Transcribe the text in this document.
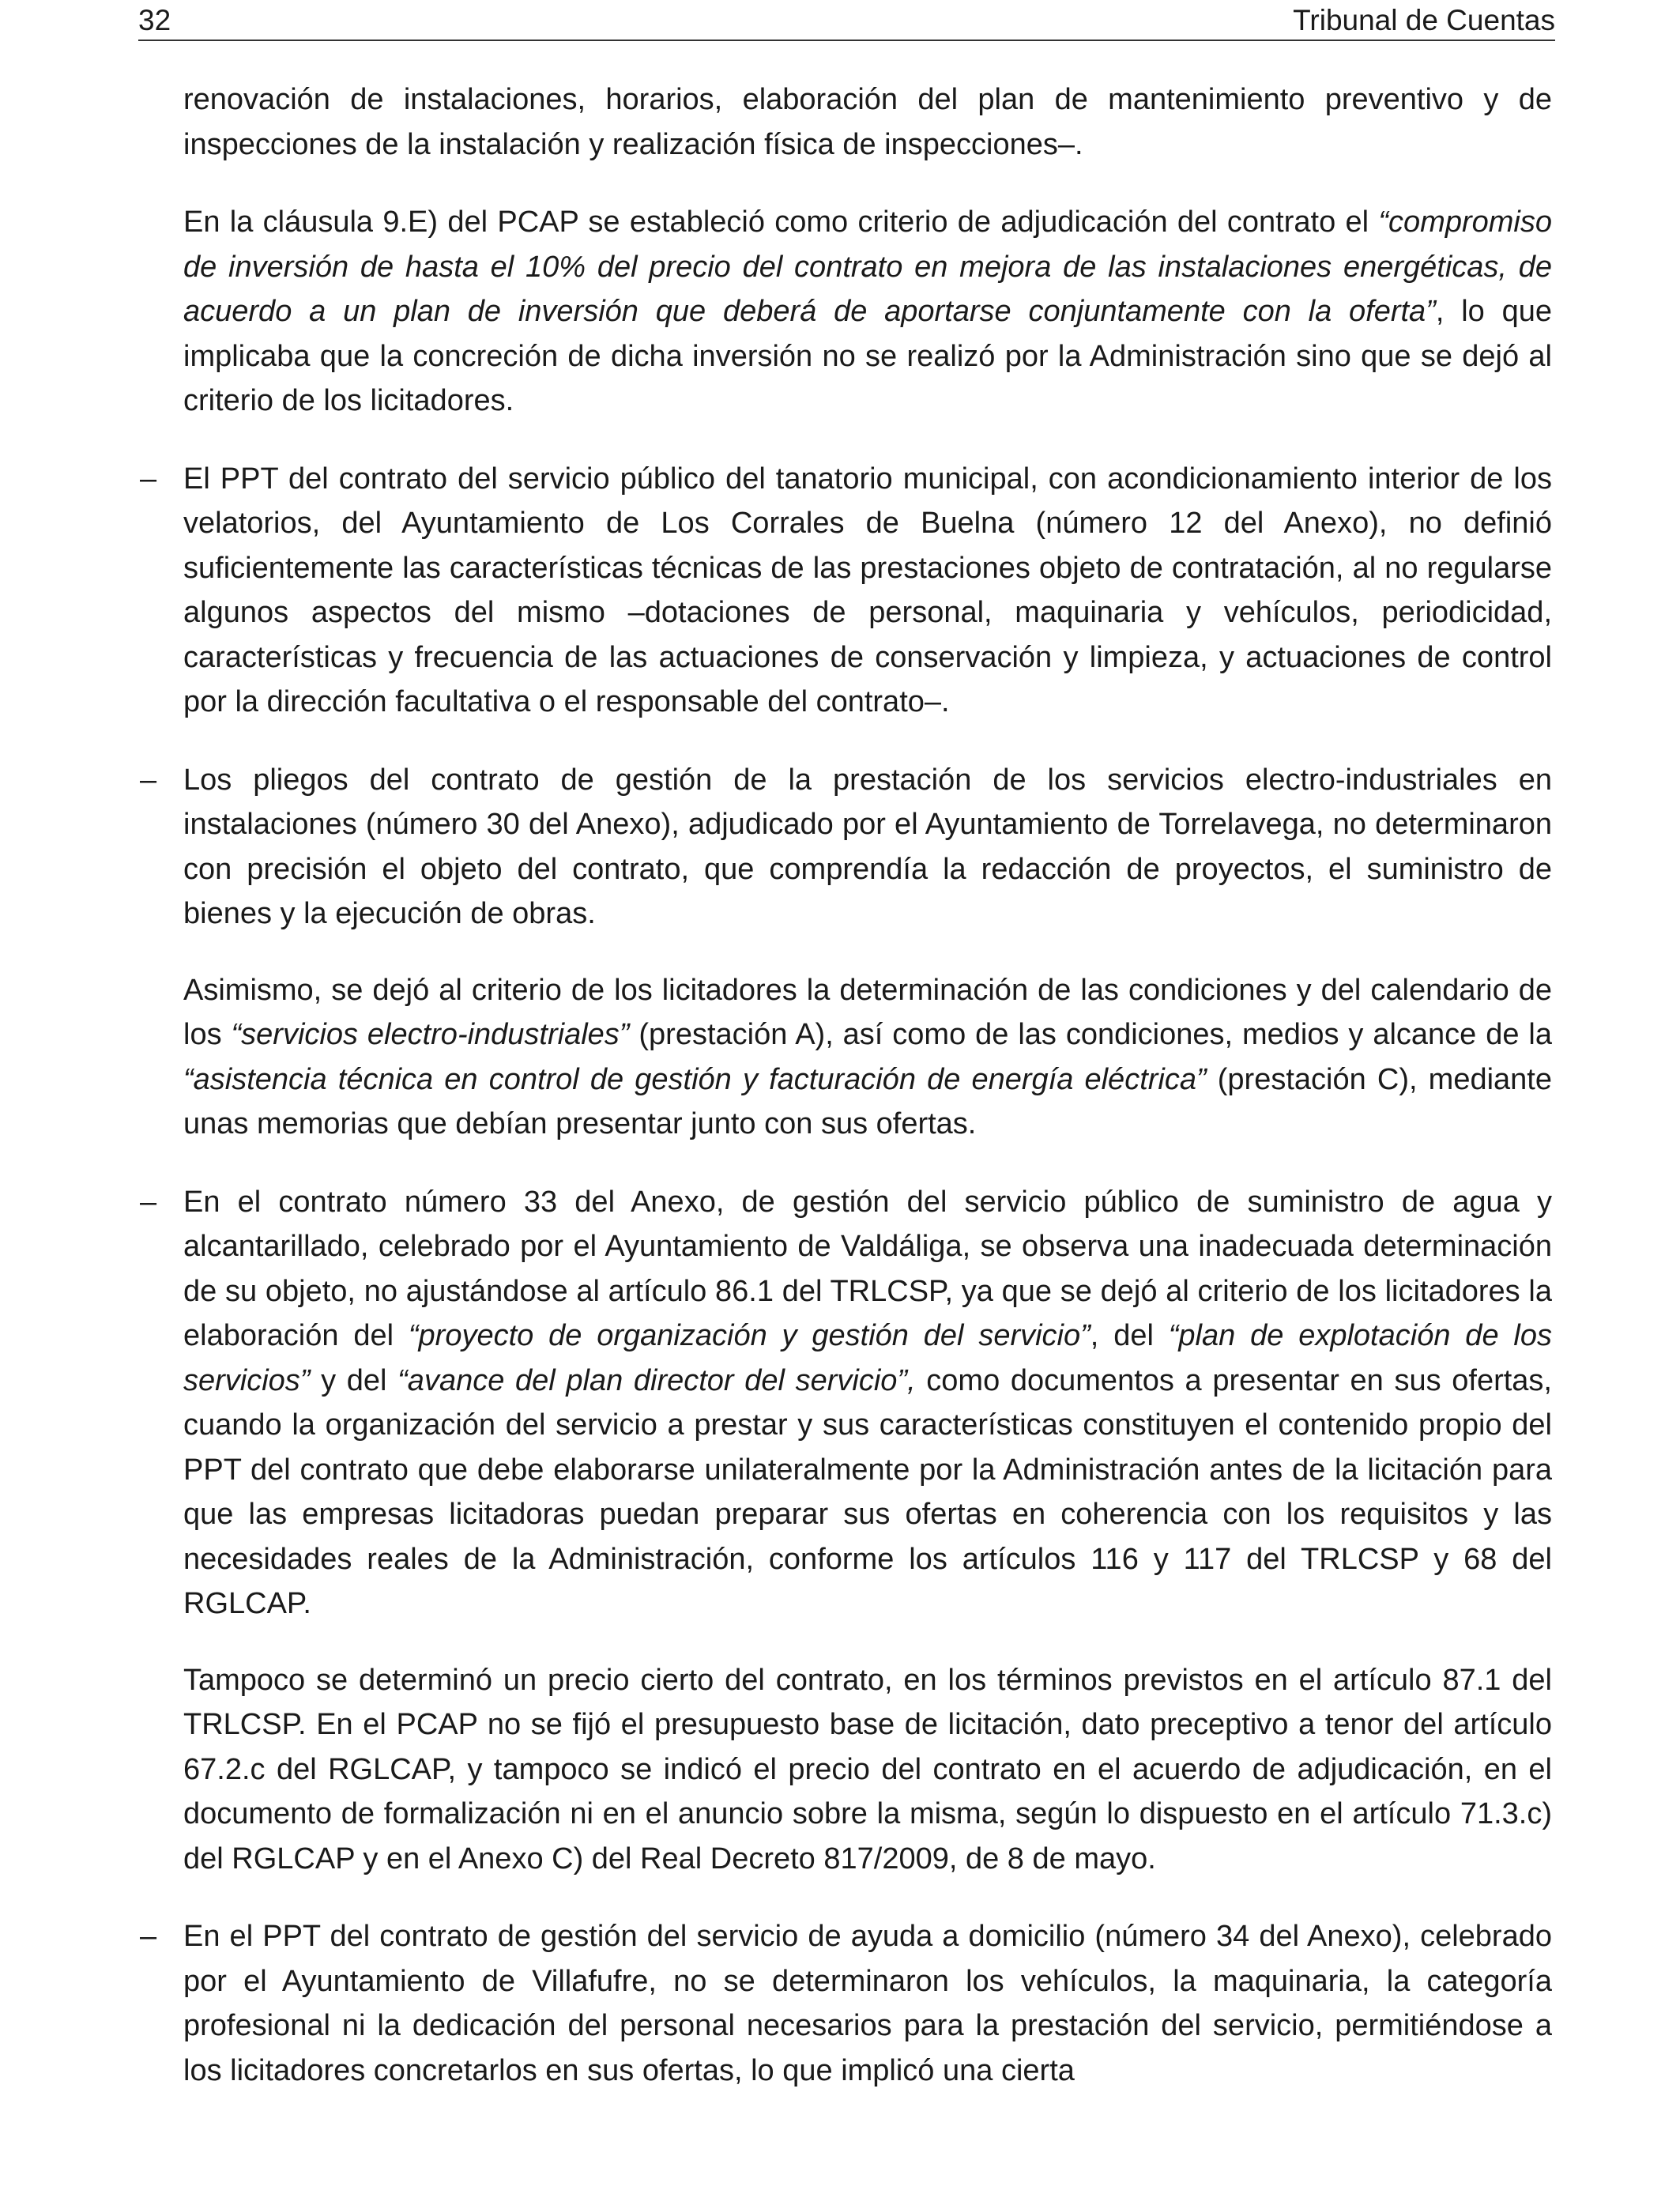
32	Tribunal de Cuentas

renovación de instalaciones, horarios, elaboración del plan de mantenimiento preventivo y de inspecciones de la instalación y realización física de inspecciones–.

En la cláusula 9.E) del PCAP se estableció como criterio de adjudicación del contrato el “compromiso de inversión de hasta el 10% del precio del contrato en mejora de las instalaciones energéticas, de acuerdo a un plan de inversión que deberá de aportarse conjuntamente con la oferta”, lo que implicaba que la concreción de dicha inversión no se realizó por la Administración sino que se dejó al criterio de los licitadores.

– El PPT del contrato del servicio público del tanatorio municipal, con acondicionamiento interior de los velatorios, del Ayuntamiento de Los Corrales de Buelna (número 12 del Anexo), no definió suficientemente las características técnicas de las prestaciones objeto de contratación, al no regularse algunos aspectos del mismo –dotaciones de personal, maquinaria y vehículos, periodicidad, características y frecuencia de las actuaciones de conservación y limpieza, y actuaciones de control por la dirección facultativa o el responsable del contrato–.

– Los pliegos del contrato de gestión de la prestación de los servicios electro-industriales en instalaciones (número 30 del Anexo), adjudicado por el Ayuntamiento de Torrelavega, no determinaron con precisión el objeto del contrato, que comprendía la redacción de proyectos, el suministro de bienes y la ejecución de obras.

Asimismo, se dejó al criterio de los licitadores la determinación de las condiciones y del calendario de los “servicios electro-industriales” (prestación A), así como de las condiciones, medios y alcance de la “asistencia técnica en control de gestión y facturación de energía eléctrica” (prestación C), mediante unas memorias que debían presentar junto con sus ofertas.

– En el contrato número 33 del Anexo, de gestión del servicio público de suministro de agua y alcantarillado, celebrado por el Ayuntamiento de Valdáliga, se observa una inadecuada determinación de su objeto, no ajustándose al artículo 86.1 del TRLCSP, ya que se dejó al criterio de los licitadores la elaboración del “proyecto de organización y gestión del servicio”, del “plan de explotación de los servicios” y del “avance del plan director del servicio”, como documentos a presentar en sus ofertas, cuando la organización del servicio a prestar y sus características constituyen el contenido propio del PPT del contrato que debe elaborarse unilateralmente por la Administración antes de la licitación para que las empresas licitadoras puedan preparar sus ofertas en coherencia con los requisitos y las necesidades reales de la Administración, conforme los artículos 116 y 117 del TRLCSP y 68 del RGLCAP.

Tampoco se determinó un precio cierto del contrato, en los términos previstos en el artículo 87.1 del TRLCSP. En el PCAP no se fijó el presupuesto base de licitación, dato preceptivo a tenor del artículo 67.2.c del RGLCAP, y tampoco se indicó el precio del contrato en el acuerdo de adjudicación, en el documento de formalización ni en el anuncio sobre la misma, según lo dispuesto en el artículo 71.3.c) del RGLCAP y en el Anexo C) del Real Decreto 817/2009, de 8 de mayo.

– En el PPT del contrato de gestión del servicio de ayuda a domicilio (número 34 del Anexo), celebrado por el Ayuntamiento de Villafufre, no se determinaron los vehículos, la maquinaria, la categoría profesional ni la dedicación del personal necesarios para la prestación del servicio, permitiéndose a los licitadores concretarlos en sus ofertas, lo que implicó una cierta
